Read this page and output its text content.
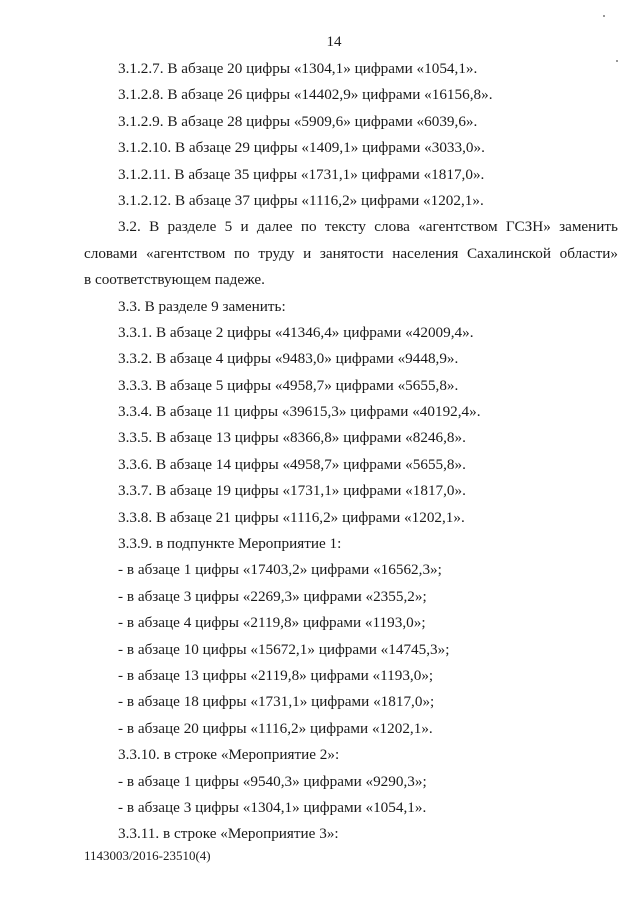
14
3.1.2.7. В абзаце 20 цифры «1304,1» цифрами «1054,1».
3.1.2.8. В абзаце 26 цифры «14402,9» цифрами «16156,8».
3.1.2.9. В абзаце 28 цифры «5909,6» цифрами «6039,6».
3.1.2.10. В абзаце 29 цифры «1409,1» цифрами «3033,0».
3.1.2.11. В абзаце 35 цифры «1731,1» цифрами «1817,0».
3.1.2.12. В абзаце 37 цифры «1116,2» цифрами «1202,1».
3.2. В разделе 5 и далее по тексту слова «агентством ГСЗН» заменить
словами «агентством по труду и занятости населения Сахалинской области»
в соответствующем падеже.
3.3. В разделе 9 заменить:
3.3.1. В абзаце 2 цифры «41346,4» цифрами «42009,4».
3.3.2. В абзаце 4 цифры «9483,0» цифрами «9448,9».
3.3.3. В абзаце 5 цифры «4958,7» цифрами «5655,8».
3.3.4. В абзаце 11 цифры «39615,3» цифрами «40192,4».
3.3.5. В абзаце 13 цифры «8366,8» цифрами «8246,8».
3.3.6. В абзаце 14 цифры «4958,7» цифрами «5655,8».
3.3.7. В абзаце 19 цифры «1731,1» цифрами «1817,0».
3.3.8. В абзаце 21 цифры «1116,2» цифрами «1202,1».
3.3.9. в подпункте Мероприятие 1:
- в абзаце 1 цифры «17403,2» цифрами «16562,3»;
- в абзаце 3 цифры «2269,3» цифрами «2355,2»;
- в абзаце 4 цифры «2119,8» цифрами «1193,0»;
- в абзаце 10 цифры «15672,1» цифрами «14745,3»;
- в абзаце 13 цифры «2119,8» цифрами «1193,0»;
- в абзаце 18 цифры «1731,1» цифрами «1817,0»;
- в абзаце 20 цифры «1116,2» цифрами «1202,1».
3.3.10. в строке «Мероприятие 2»:
- в абзаце 1 цифры «9540,3» цифрами «9290,3»;
- в абзаце 3 цифры «1304,1» цифрами «1054,1».
3.3.11. в строке «Мероприятие 3»:
1143003/2016-23510(4)
